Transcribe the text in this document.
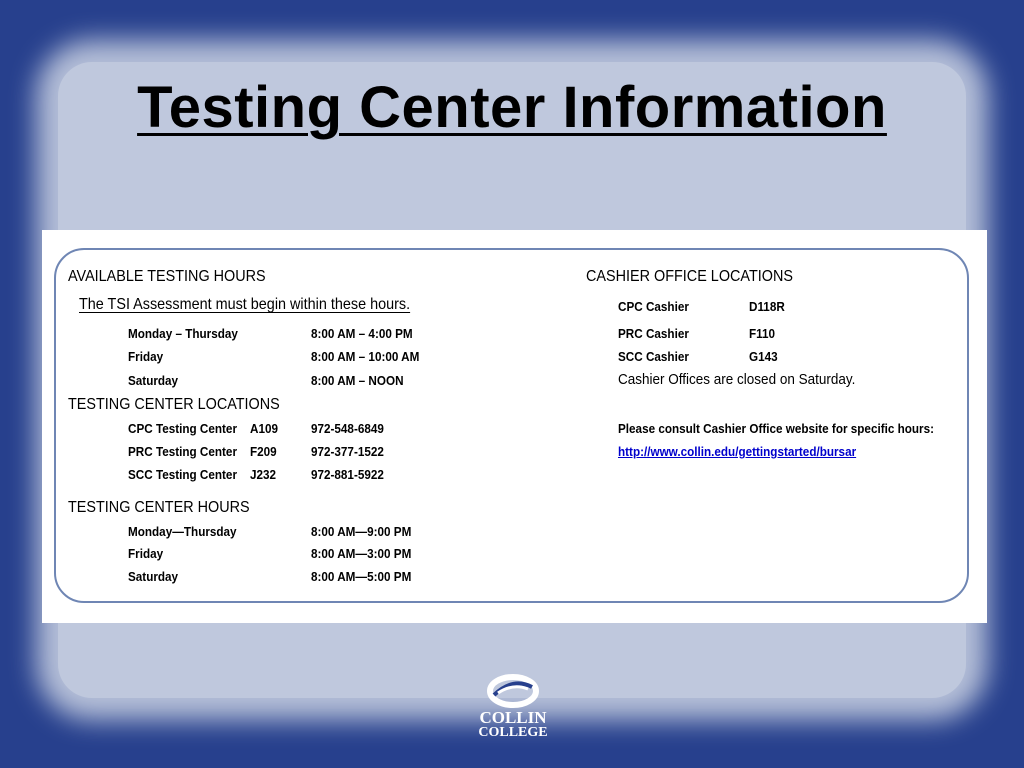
Testing Center Information
AVAILABLE TESTING HOURS
The TSI Assessment must begin within these hours.
Monday – Thursday	8:00 AM – 4:00 PM
Friday	8:00 AM – 10:00 AM
Saturday	8:00 AM – NOON
TESTING CENTER LOCATIONS
CPC Testing Center A109	972-548-6849
PRC Testing Center F209	972-377-1522
SCC Testing Center J232	972-881-5922
TESTING CENTER HOURS
Monday—Thursday	8:00 AM—9:00 PM
Friday	8:00 AM—3:00 PM
Saturday	8:00 AM—5:00 PM
CASHIER OFFICE LOCATIONS
CPC Cashier	D118R
PRC Cashier	F110
SCC Cashier	G143
Cashier Offices are closed on Saturday.
Please consult Cashier Office website for specific hours:
http://www.collin.edu/gettingstarted/bursar
COLLIN
COLLEGE
